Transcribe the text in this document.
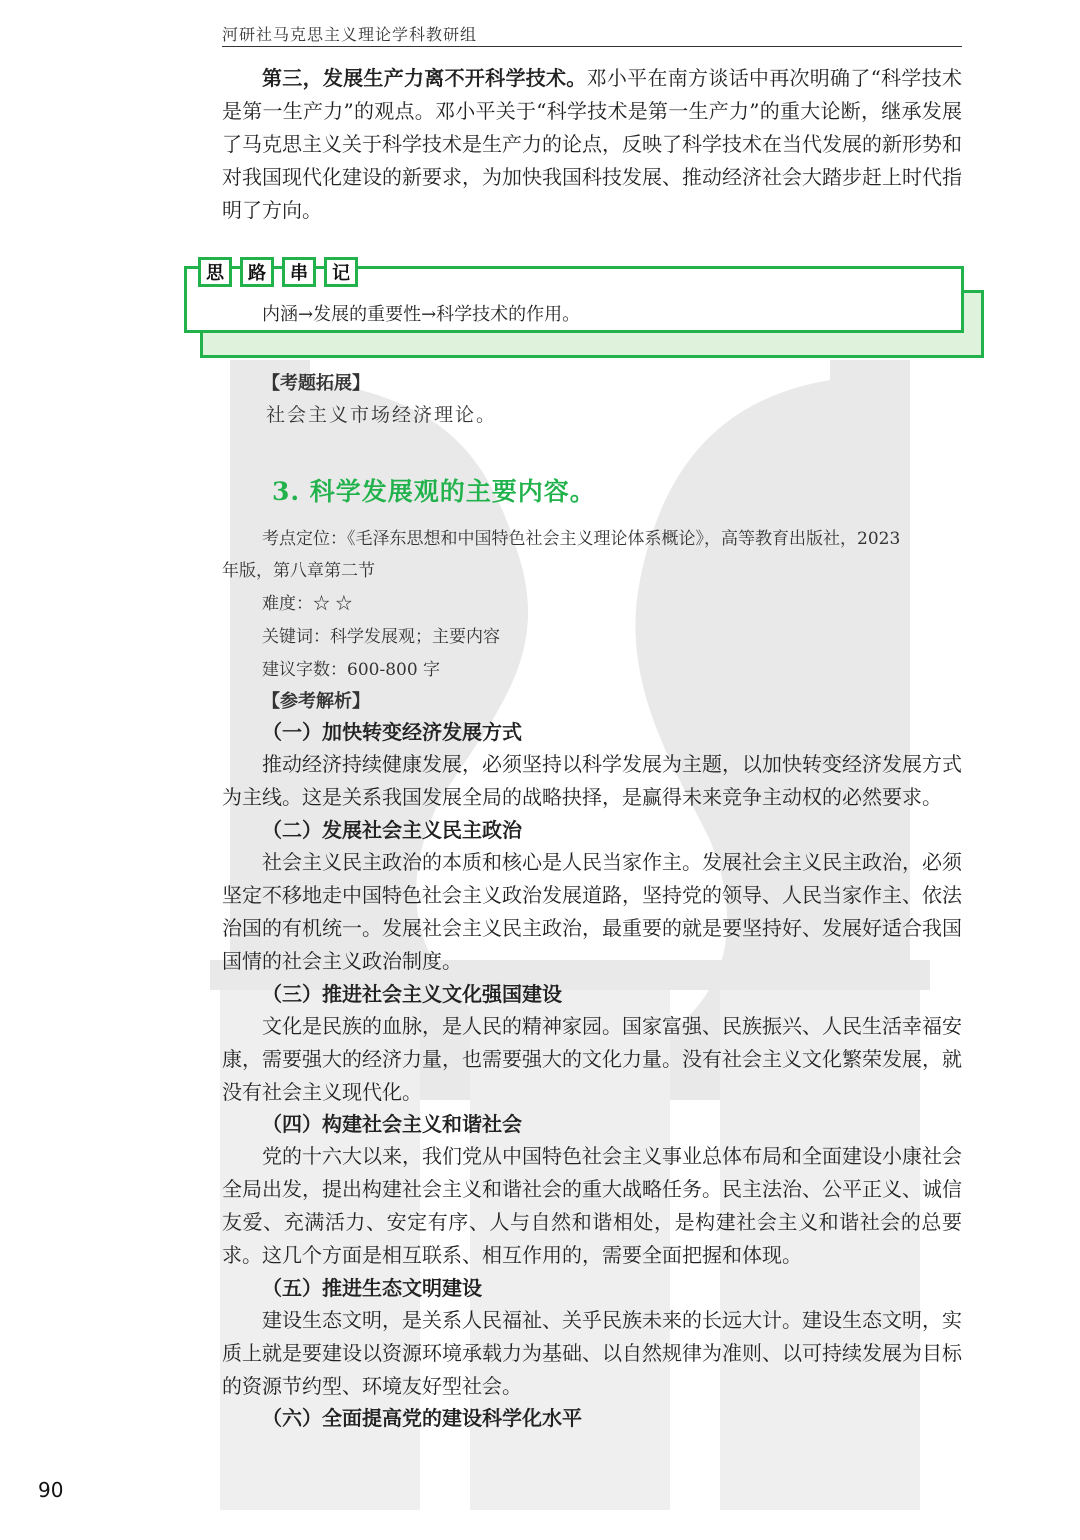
河研社马克思主义理论学科教研组

第三，发展生产力离不开科学技术。邓小平在南方谈话中再次明确了“科学技术是第一生产力”的观点。邓小平关于“科学技术是第一生产力”的重大论断，继承发展了马克思主义关于科学技术是生产力的论点，反映了科学技术在当代发展的新形势和对我国现代化建设的新要求，为加快我国科技发展、推动经济社会大踏步赶上时代指明了方向。

思	路	串	记
内涵→发展的重要性→科学技术的作用。
【考题拓展】
社会主义市场经济理论。
3. 科学发展观的主要内容。
考点定位：《毛泽东思想和中国特色社会主义理论体系概论》，高等教育出版社，2023
年版，第八章第二节
难度：☆ ☆
关键词：科学发展观；主要内容
建议字数：600-800 字
【参考解析】
（一）加快转变经济发展方式
推动经济持续健康发展，必须坚持以科学发展为主题，以加快转变经济发展方式为主线。这是关系我国发展全局的战略抉择，是赢得未来竞争主动权的必然要求。
（二）发展社会主义民主政治
社会主义民主政治的本质和核心是人民当家作主。发展社会主义民主政治，必须坚定不移地走中国特色社会主义政治发展道路，坚持党的领导、人民当家作主、依法治国的有机统一。发展社会主义民主政治，最重要的就是要坚持好、发展好适合我国国情的社会主义政治制度。
（三）推进社会主义文化强国建设
文化是民族的血脉，是人民的精神家园。国家富强、民族振兴、人民生活幸福安康，需要强大的经济力量，也需要强大的文化力量。没有社会主义文化繁荣发展，就没有社会主义现代化。
（四）构建社会主义和谐社会
党的十六大以来，我们党从中国特色社会主义事业总体布局和全面建设小康社会全局出发，提出构建社会主义和谐社会的重大战略任务。民主法治、公平正义、诚信友爱、充满活力、安定有序、人与自然和谐相处，是构建社会主义和谐社会的总要求。这几个方面是相互联系、相互作用的，需要全面把握和体现。
（五）推进生态文明建设
建设生态文明，是关系人民福祉、关乎民族未来的长远大计。建设生态文明，实质上就是要建设以资源环境承载力为基础、以自然规律为准则、以可持续发展为目标的资源节约型、环境友好型社会。
（六）全面提高党的建设科学化水平
90
